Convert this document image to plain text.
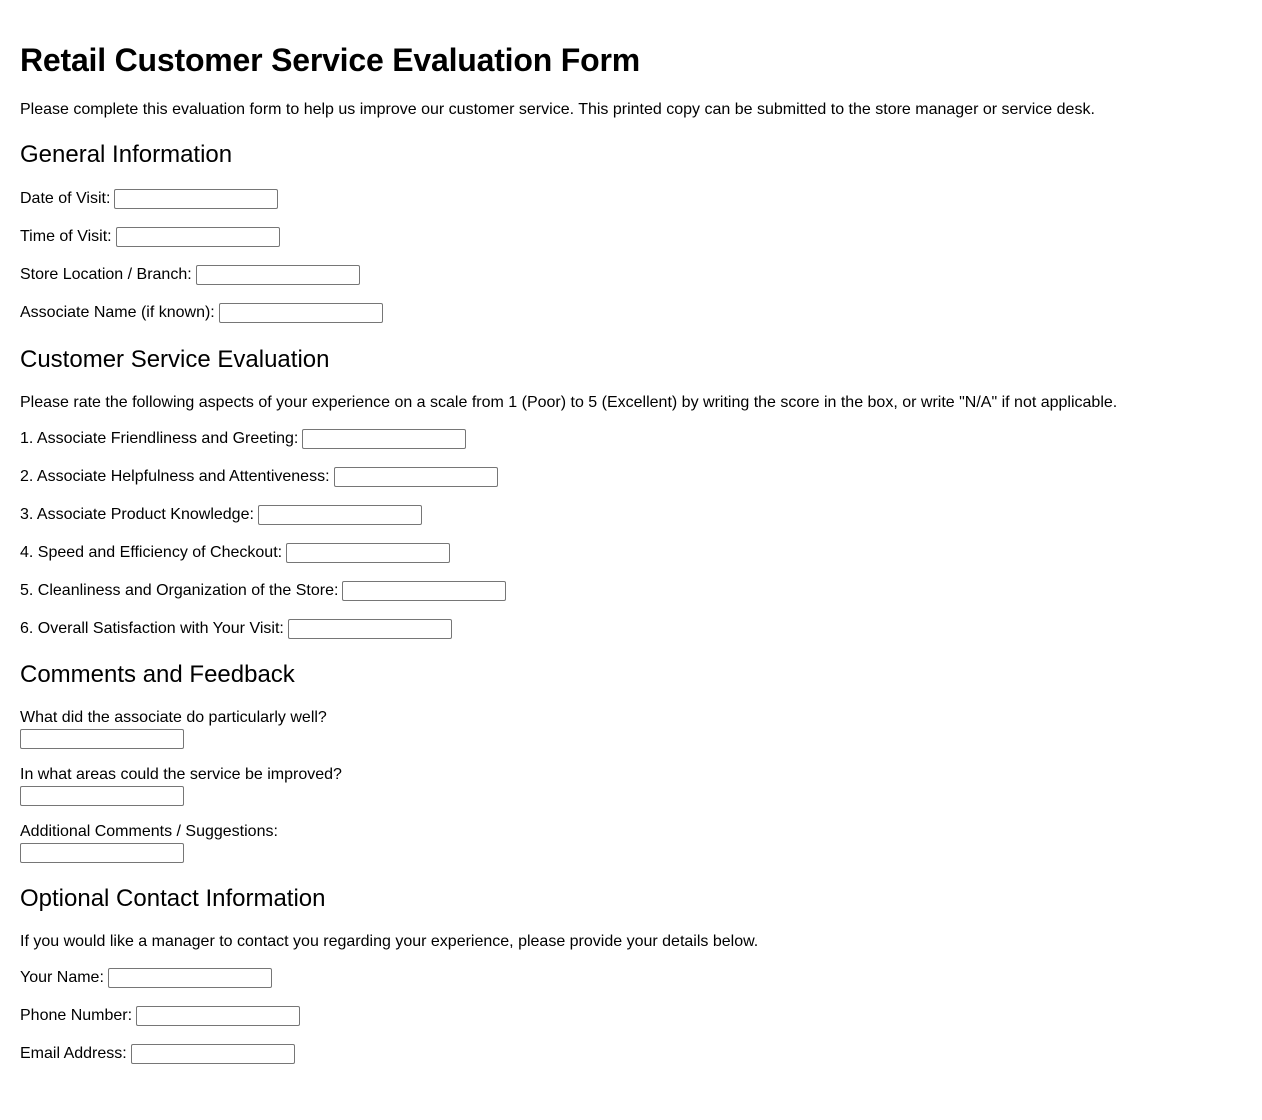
Retail Customer Service Evaluation Form

Please complete this evaluation form to help us improve our customer service. This printed copy can be submitted to the store manager or service desk.

General Information
Date of Visit:
Time of Visit:
Store Location / Branch:
Associate Name (if known):
Customer Service Evaluation

Please rate the following aspects of your experience on a scale from 1 (Poor) to 5 (Excellent) by writing the score in the box, or write "N/A" if not applicable.

1. Associate Friendliness and Greeting:
2. Associate Helpfulness and Attentiveness:
3. Associate Product Knowledge:
4. Speed and Efficiency of Checkout:
5. Cleanliness and Organization of the Store:
6. Overall Satisfaction with Your Visit:
Comments and Feedback
What did the associate do particularly well?
In what areas could the service be improved?
Additional Comments / Suggestions:
Optional Contact Information

If you would like a manager to contact you regarding your experience, please provide your details below.

Your Name:
Phone Number:
Email Address:
